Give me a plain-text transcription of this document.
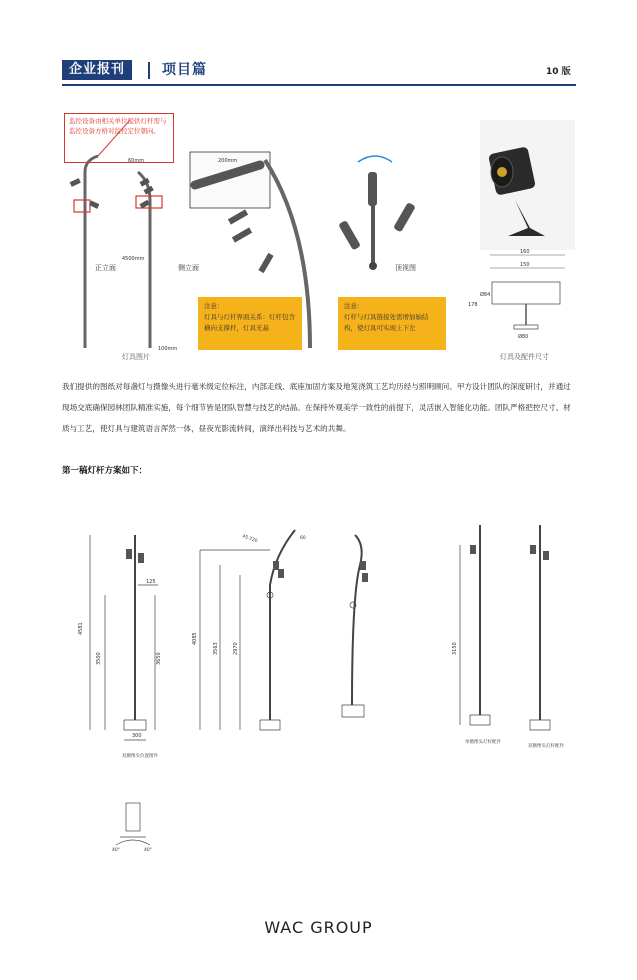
企业报刊	项目篇	10 版
60mm
4500mm
100mm
正立面	侧立面
200mm
顶视图
160
150
Ø84
178
Ø80
监控设备由相关单位提供灯杆需与监控设备方格对监控定位朝向。
注意：
灯具与灯杆界面关系：灯杆包含横向支撑杆，灯具无基
注意：
灯杆与灯具链接处需增加轴结构，使灯具可实现上下左
灯具图片	灯具及配件尺寸
我们提供的图纸对每盏灯与摄像头进行毫米级定位标注，内部走线、底座加固方案及地笼浇筑工艺均历经与照明顾问、甲方设计团队的深度研讨，并通过现场交底确保园林团队精准实施，每个细节皆是团队智慧与技艺的结晶。在保持外观美学一致性的前提下，灵活嵌入智能化功能。团队严格把控尺寸、材质与工艺，使灯具与建筑语言浑然一体，昼夜光影流转间，演绎出科技与艺术的共舞。
第一稿灯杆方案如下：
4581
3500	3650
125
300
双摄像头位置图件
4085
3563	2970
45.720	60
3150
单摄像头灯杆配件
双摄像头灯杆配件
40°	40°
WAC GROUP
